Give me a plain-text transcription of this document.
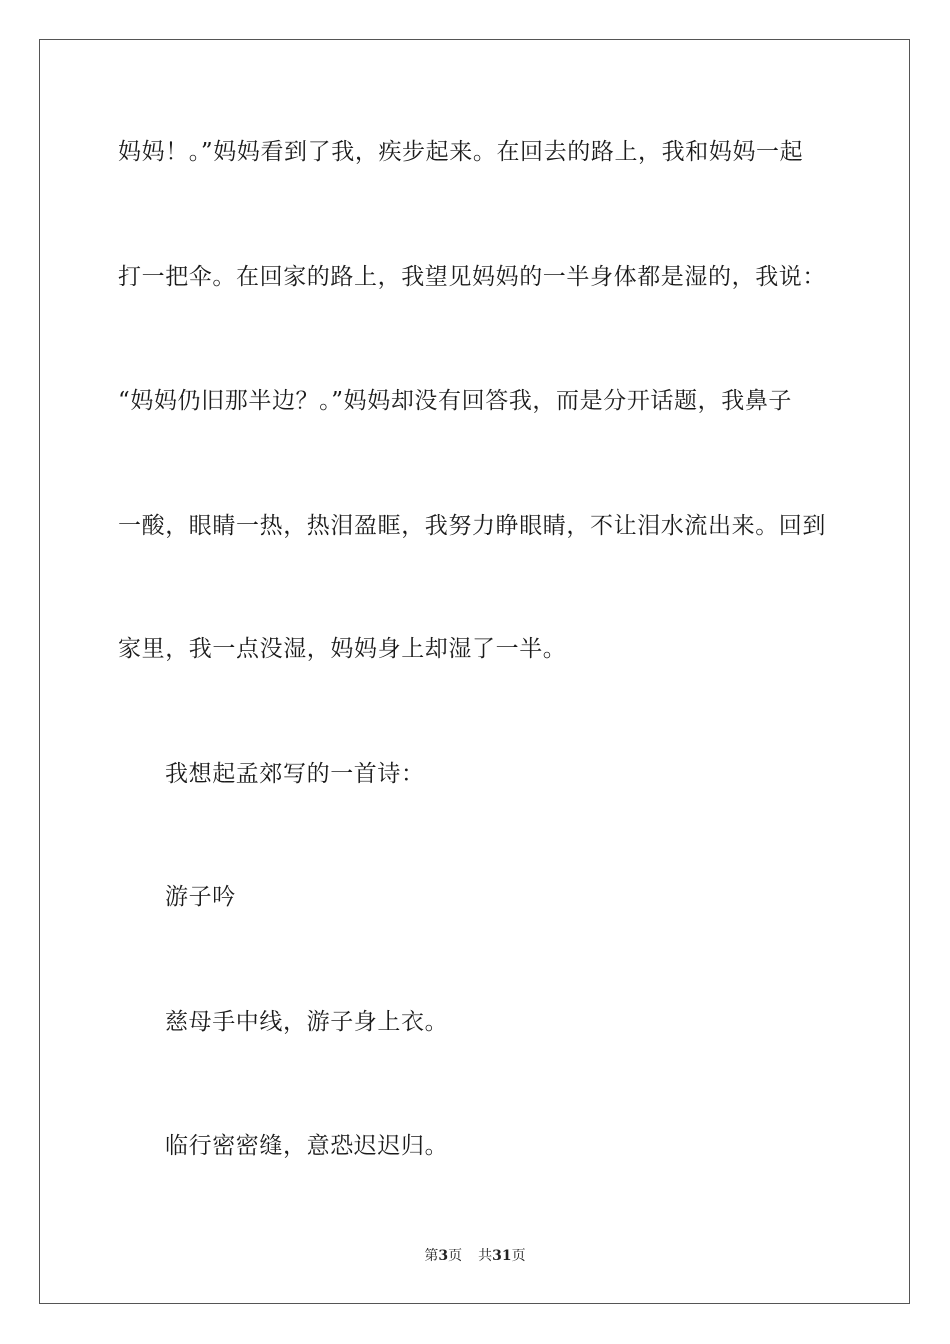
妈妈！。”妈妈看到了我，疾步起来。在回去的路上，我和妈妈一起
打一把伞。在回家的路上，我望见妈妈的一半身体都是湿的，我说：
“妈妈仍旧那半边？。”妈妈却没有回答我，而是分开话题，我鼻子
一酸，眼睛一热，热泪盈眶，我努力睁眼睛，不让泪水流出来。回到
家里，我一点没湿，妈妈身上却湿了一半。
我想起孟郊写的一首诗：
游子吟
慈母手中线，游子身上衣。
临行密密缝，意恐迟迟归。
第3页 共31页
